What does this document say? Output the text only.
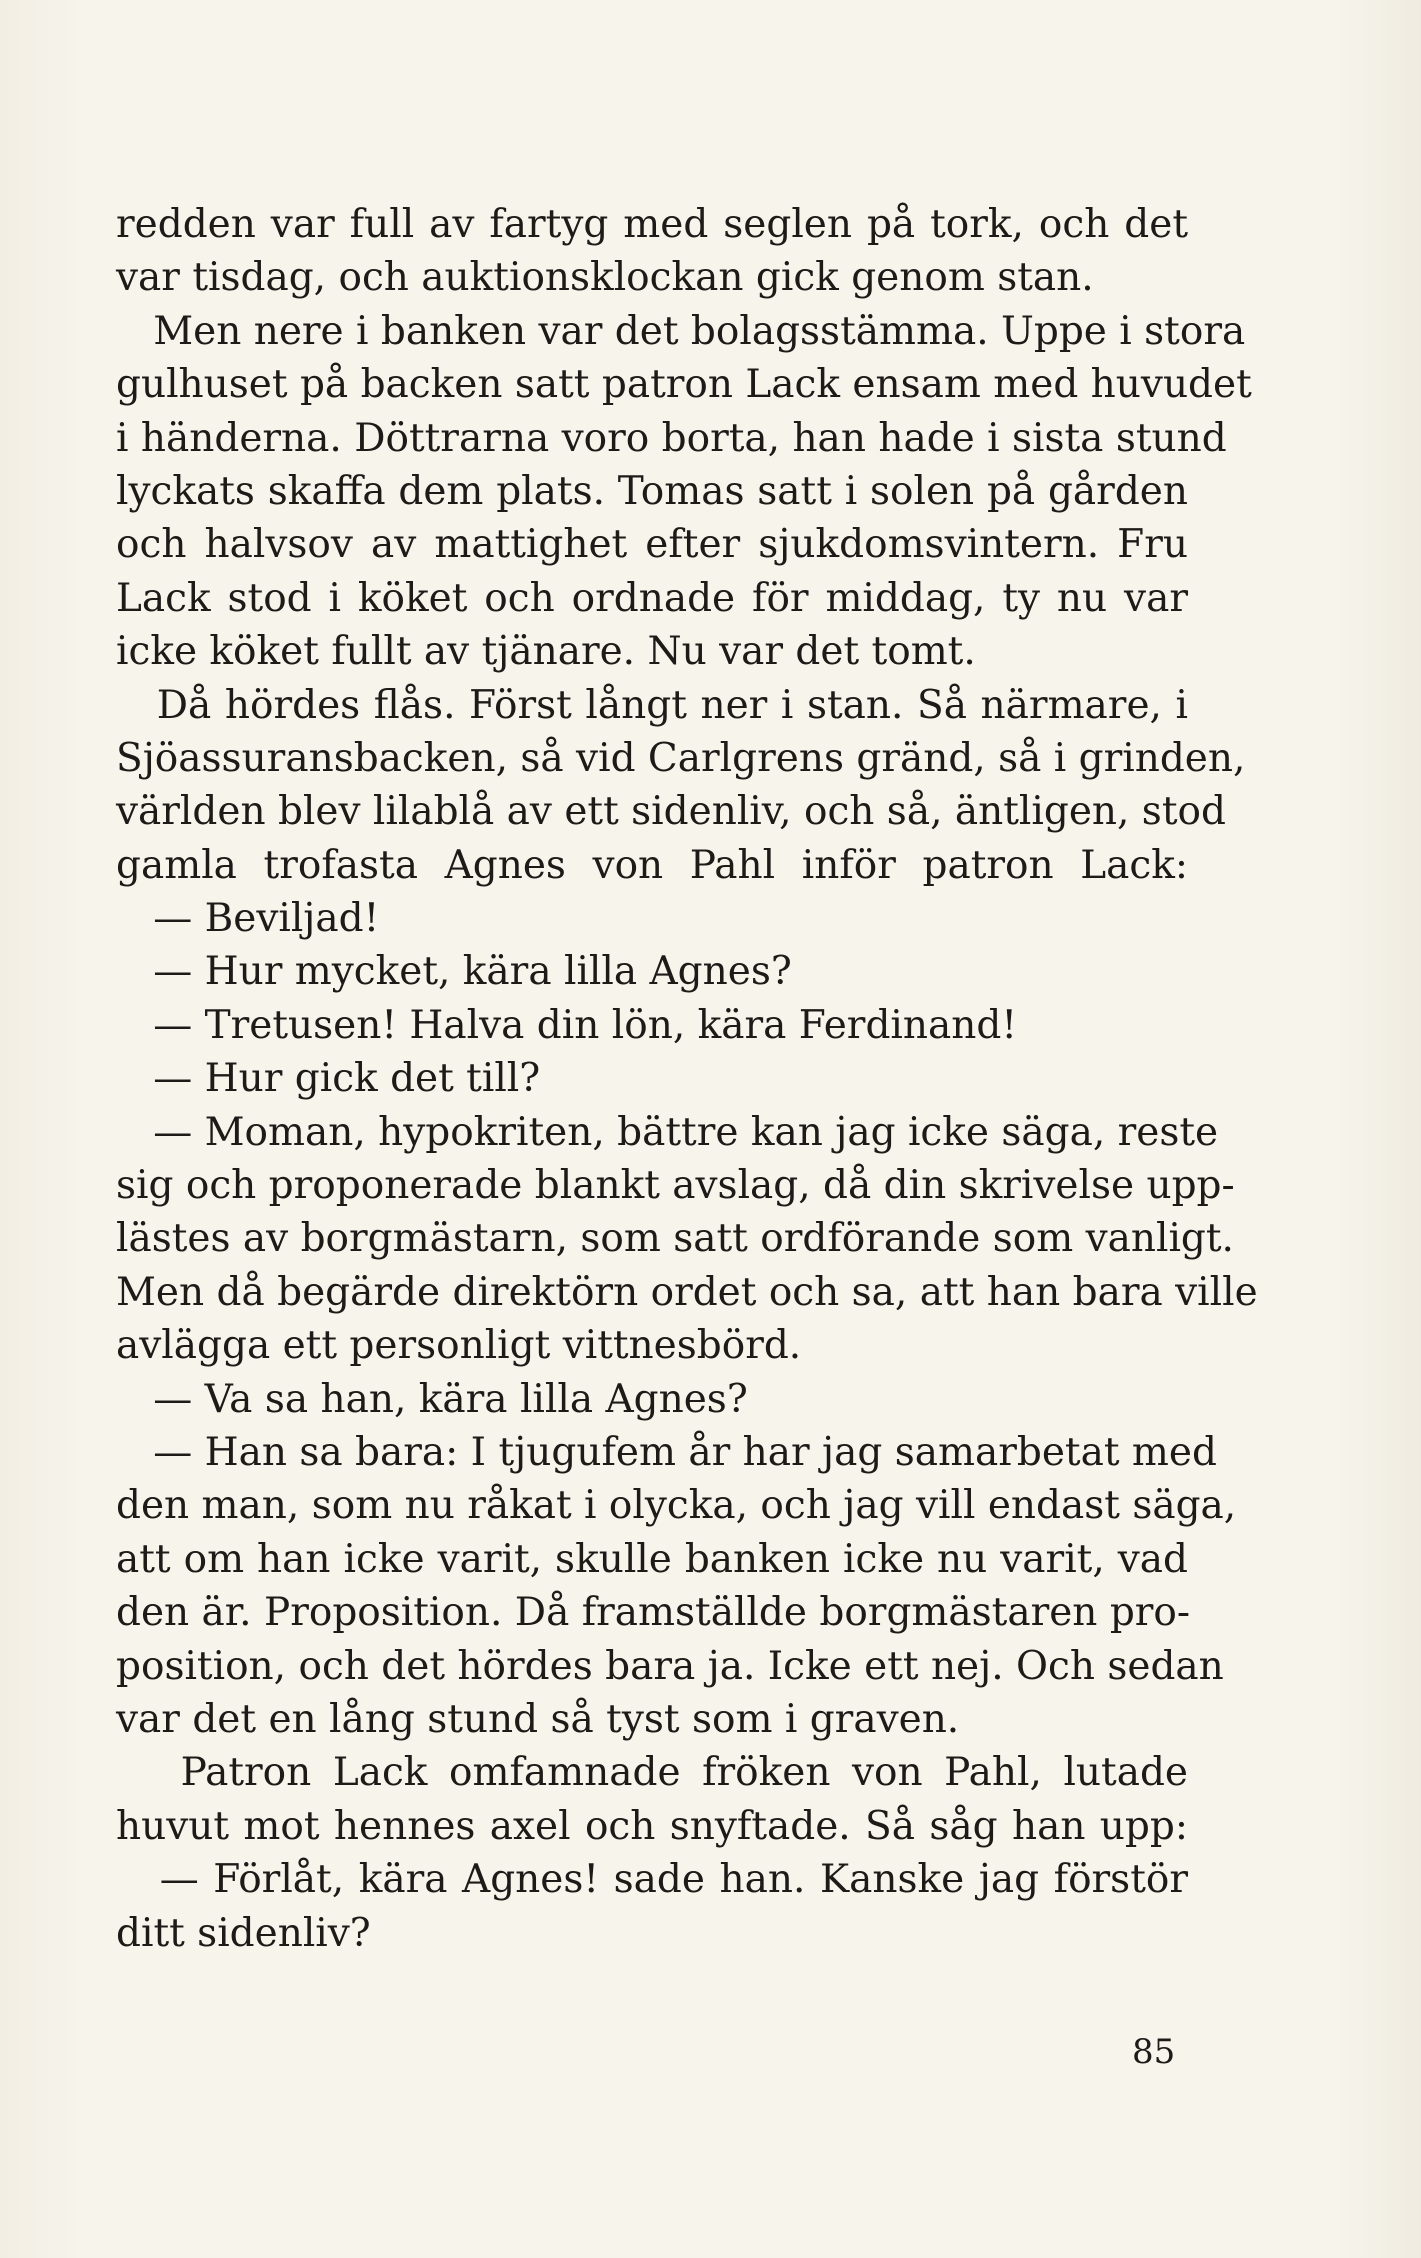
redden var full av fartyg med seglen på tork, och det
var tisdag, och auktionsklockan gick genom stan.
Men nere i banken var det bolagsstämma. Uppe i stora
gulhuset på backen satt patron Lack ensam med huvudet
i händerna. Döttrarna voro borta, han hade i sista stund
lyckats skaffa dem plats. Tomas satt i solen på gården
och halvsov av mattighet efter sjukdomsvintern. Fru
Lack stod i köket och ordnade för middag, ty nu var
icke köket fullt av tjänare. Nu var det tomt.
Då hördes flås. Först långt ner i stan. Så närmare, i
Sjöassuransbacken, så vid Carlgrens gränd, så i grinden,
världen blev lilablå av ett sidenliv, och så, äntligen, stod
gamla trofasta Agnes von Pahl inför patron Lack:
— Beviljad!
— Hur mycket, kära lilla Agnes?
— Tretusen! Halva din lön, kära Ferdinand!
— Hur gick det till?
— Moman, hypokriten, bättre kan jag icke säga, reste
sig och proponerade blankt avslag, då din skrivelse upp-
lästes av borgmästarn, som satt ordförande som vanligt.
Men då begärde direktörn ordet och sa, att han bara ville
avlägga ett personligt vittnesbörd.
— Va sa han, kära lilla Agnes?
— Han sa bara: I tjugufem år har jag samarbetat med
den man, som nu råkat i olycka, och jag vill endast säga,
att om han icke varit, skulle banken icke nu varit, vad
den är. Proposition. Då framställde borgmästaren pro-
position, och det hördes bara ja. Icke ett nej. Och sedan
var det en lång stund så tyst som i graven.
Patron Lack omfamnade fröken von Pahl, lutade
huvut mot hennes axel och snyftade. Så såg han upp:
— Förlåt, kära Agnes! sade han. Kanske jag förstör
ditt sidenliv?
85
